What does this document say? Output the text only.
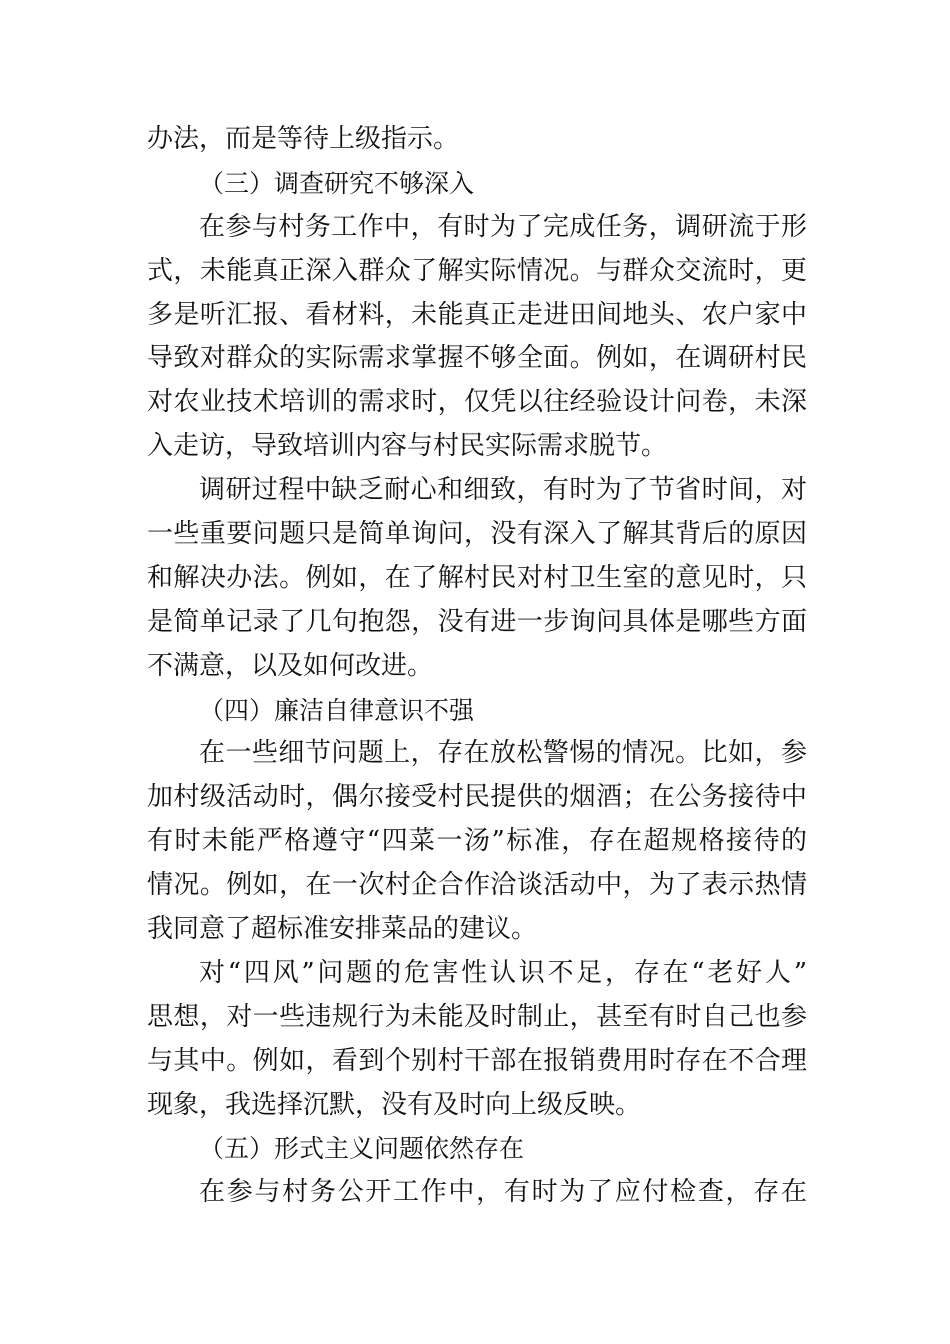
办法，而是等待上级指示。
（三）调查研究不够深入
在参与村务工作中，有时为了完成任务，调研流于形
式，未能真正深入群众了解实际情况。与群众交流时，更
多是听汇报、看材料，未能真正走进田间地头、农户家中
导致对群众的实际需求掌握不够全面。例如，在调研村民
对农业技术培训的需求时，仅凭以往经验设计问卷，未深
入走访，导致培训内容与村民实际需求脱节。
调研过程中缺乏耐心和细致，有时为了节省时间，对
一些重要问题只是简单询问，没有深入了解其背后的原因
和解决办法。例如，在了解村民对村卫生室的意见时，只
是简单记录了几句抱怨，没有进一步询问具体是哪些方面
不满意，以及如何改进。
（四）廉洁自律意识不强
在一些细节问题上，存在放松警惕的情况。比如，参
加村级活动时，偶尔接受村民提供的烟酒；在公务接待中
有时未能严格遵守“四菜一汤”标准，存在超规格接待的
情况。例如，在一次村企合作洽谈活动中，为了表示热情
我同意了超标准安排菜品的建议。
对“四风”问题的危害性认识不足，存在“老好人”
思想，对一些违规行为未能及时制止，甚至有时自己也参
与其中。例如，看到个别村干部在报销费用时存在不合理
现象，我选择沉默，没有及时向上级反映。
（五）形式主义问题依然存在
在参与村务公开工作中，有时为了应付检查，存在
